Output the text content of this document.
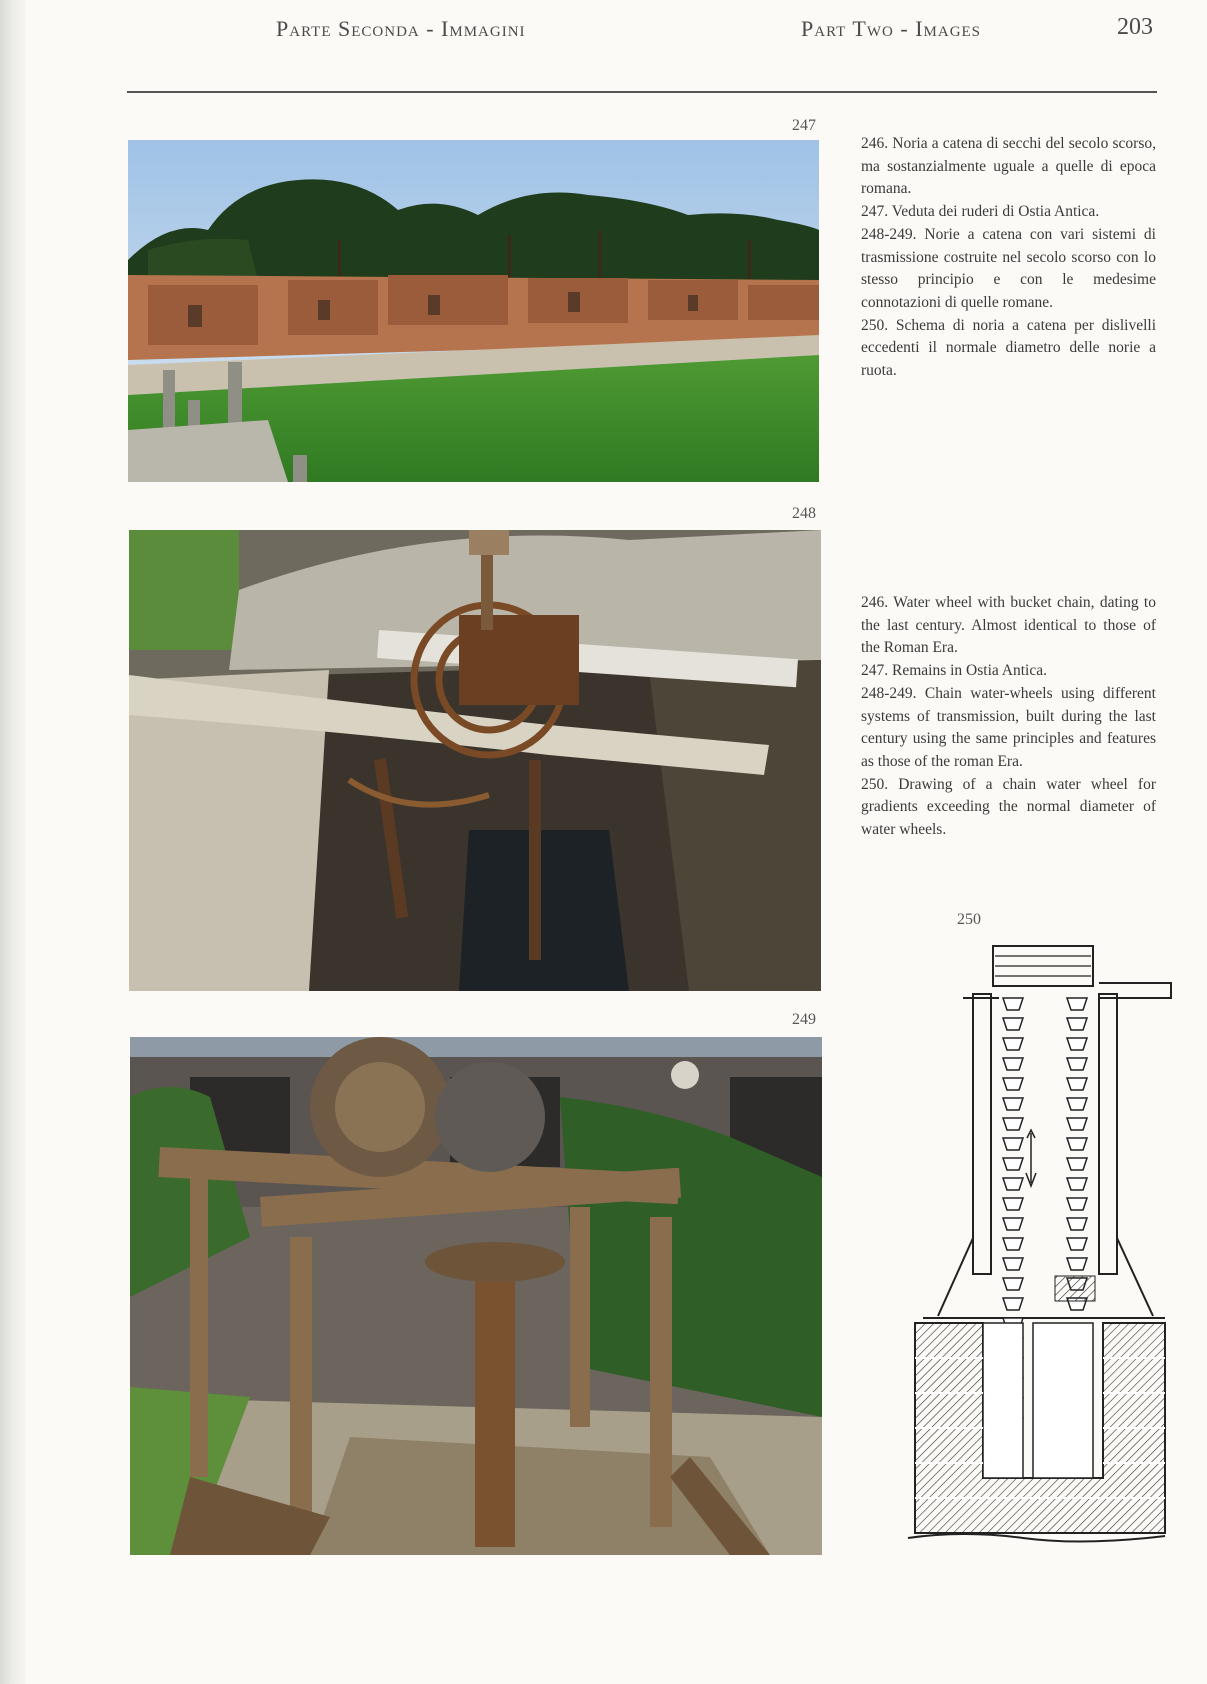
Parte Seconda - Immagini	Part Two - Images	203
247
248
249

246. Noria a catena di secchi del secolo scorso, ma sostanzialmente uguale a quelle di epoca romana.

247. Veduta dei ruderi di Ostia Antica.

248-249. Norie a catena con vari sistemi di trasmissione costruite nel secolo scorso con lo stesso principio e con le medesime connotazioni di quelle romane.

250. Schema di noria a catena per dislivelli eccedenti il normale diametro delle norie a ruota.

246. Water wheel with bucket chain, dating to the last century. Almost identical to those of the Roman Era.

247. Remains in Ostia Antica.

248-249. Chain water-wheels using different systems of transmission, built during the last century using the same principles and features as those of the roman Era.

250. Drawing of a chain water wheel for gradients exceeding the normal diameter of water wheels.

250
